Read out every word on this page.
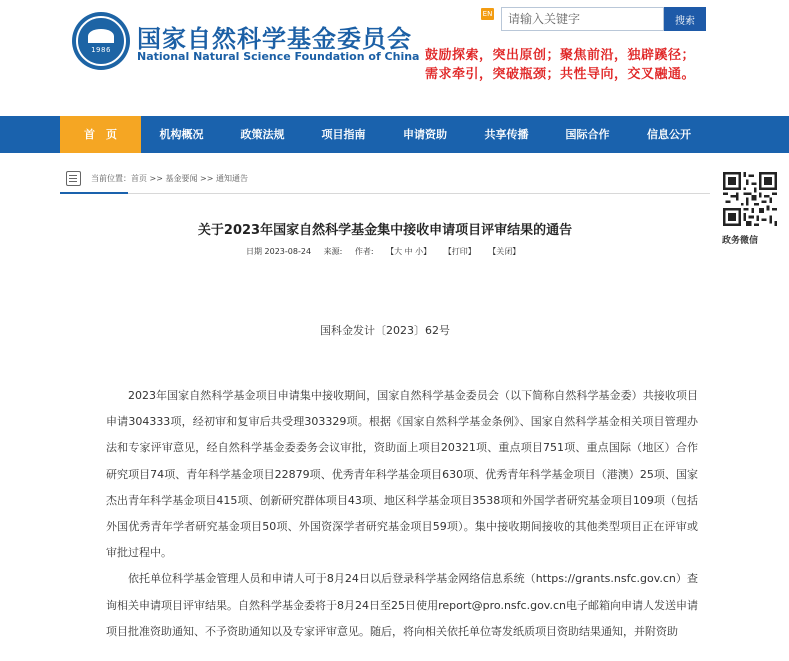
1986 国家自然科学基金委员会
National Natural Science Foundation of China
EN
请输入关键字
搜索
鼓励探索，突出原创；聚焦前沿，独辟蹊径；
需求牵引，突破瓶颈；共性导向，交叉融通。
首　页	机构概况	政策法规	项目指南	申请资助	共享传播	国际合作	信息公开
当前位置：首页 >> 基金要闻 >> 通知通告
政务微信
关于2023年国家自然科学基金集中接收申请项目评审结果的通告
日期 2023-08-24 来源: 作者: 【大 中 小】 【打印】 【关闭】
国科金发计〔2023〕62号

2023年国家自然科学基金项目申请集中接收期间，国家自然科学基金委员会（以下简称自然科学基金委）共接收项目申请304333项，经初审和复审后共受理303329项。根据《国家自然科学基金条例》、国家自然科学基金相关项目管理办法和专家评审意见，经自然科学基金委委务会议审批，资助面上项目20321项、重点项目751项、重点国际（地区）合作研究项目74项、青年科学基金项目22879项、优秀青年科学基金项目630项、优秀青年科学基金项目（港澳）25项、国家杰出青年科学基金项目415项、创新研究群体项目43项、地区科学基金项目3538项和外国学者研究基金项目109项（包括外国优秀青年学者研究基金项目50项、外国资深学者研究基金项目59项）。集中接收期间接收的其他类型项目正在评审或审批过程中。

依托单位科学基金管理人员和申请人可于8月24日以后登录科学基金网络信息系统（https://grants.nsfc.gov.cn）查询相关申请项目评审结果。自然科学基金委将于8月24日至25日使用report@pro.nsfc.gov.cn电子邮箱向申请人发送申请项目批准资助通知、不予资助通知以及专家评审意见。随后，将向相关依托单位寄发纸质项目资助结果通知，并附资助
